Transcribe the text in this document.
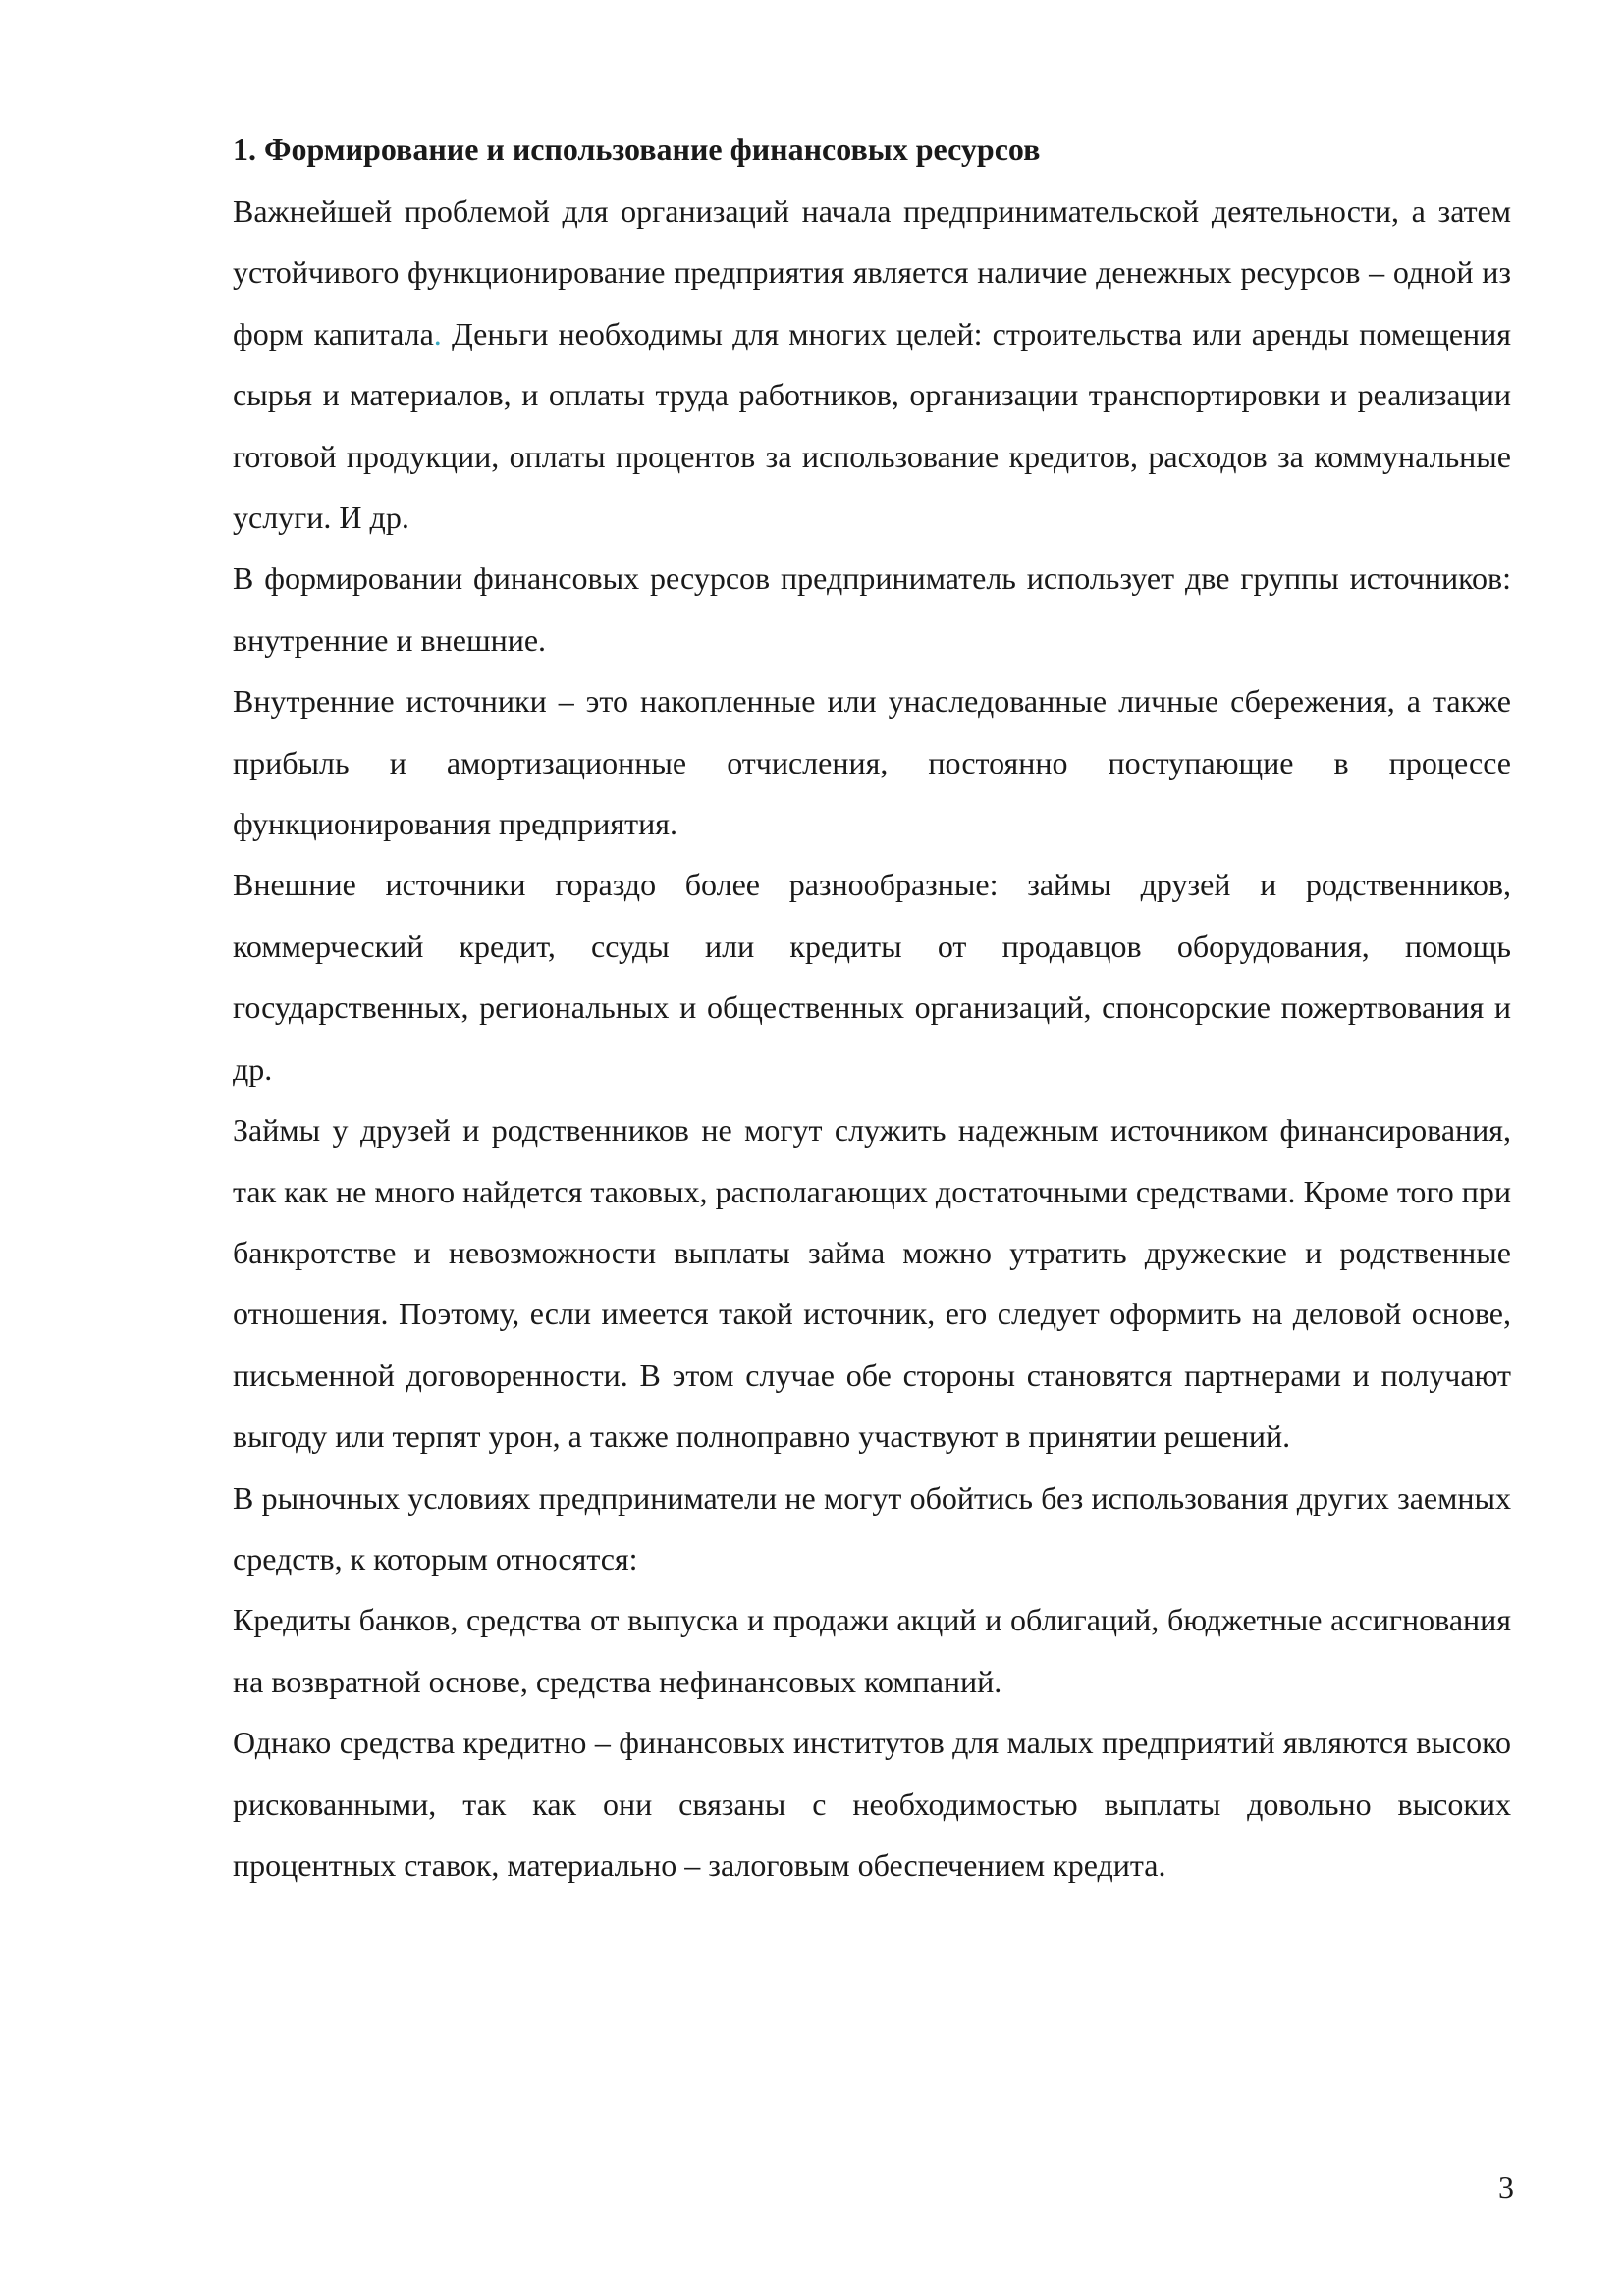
1. Формирование и использование финансовых ресурсов

Важнейшей проблемой для организаций начала предпринимательской деятельности, а затем устойчивого функционирование предприятия является наличие денежных ресурсов – одной из форм капитала. Деньги необходимы для многих целей: строительства или аренды помещения сырья и материалов, и оплаты труда работников, организации транспортировки и реализации готовой продукции, оплаты процентов за использование кредитов, расходов за коммунальные услуги. И др.

В формировании финансовых ресурсов предприниматель использует две группы источников: внутренние и внешние.

Внутренние источники – это накопленные или унаследованные личные сбережения, а также прибыль и амортизационные отчисления, постоянно поступающие в процессе функционирования предприятия.

Внешние источники гораздо более разнообразные: займы друзей и родственников, коммерческий кредит, ссуды или кредиты от продавцов оборудования, помощь государственных, региональных и общественных организаций, спонсорские пожертвования и др.

Займы у друзей и родственников не могут служить надежным источником финансирования, так как не много найдется таковых, располагающих достаточными средствами. Кроме того при банкротстве и невозможности выплаты займа можно утратить дружеские и родственные отношения. Поэтому, если имеется такой источник, его следует оформить на деловой основе, письменной договоренности. В этом случае обе стороны становятся партнерами и получают выгоду или терпят урон, а также полноправно участвуют в принятии решений.

В рыночных условиях предприниматели не могут обойтись без использования других заемных средств, к которым относятся:

Кредиты банков, средства от выпуска и продажи акций и облигаций, бюджетные ассигнования на возвратной основе, средства нефинансовых компаний.

Однако средства кредитно – финансовых институтов для малых предприятий являются высоко рискованными, так как они связаны с необходимостью выплаты довольно высоких процентных ставок, материально – залоговым обеспечением кредита.

3
